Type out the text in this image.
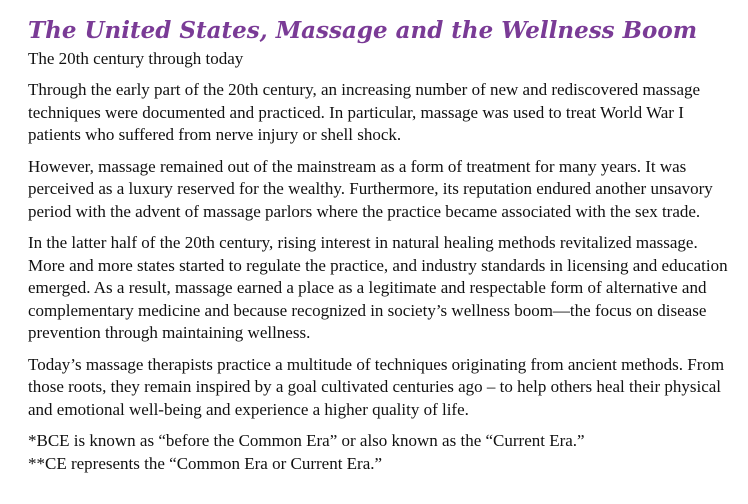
The United States, Massage and the Wellness Boom

The 20th century through today

Through the early part of the 20th century, an increasing number of new and rediscovered massage techniques were documented and practiced. In particular, massage was used to treat World War I patients who suffered from nerve injury or shell shock.

However, massage remained out of the mainstream as a form of treatment for many years. It was perceived as a luxury reserved for the wealthy. Furthermore, its reputation endured another unsavory period with the advent of massage parlors where the practice became associated with the sex trade.

In the latter half of the 20th century, rising interest in natural healing methods revitalized massage. More and more states started to regulate the practice, and industry standards in licensing and education emerged. As a result, massage earned a place as a legitimate and respectable form of alternative and complementary medicine and because recognized in society’s wellness boom—the focus on disease prevention through maintaining wellness.

Today’s massage therapists practice a multitude of techniques originating from ancient methods. From those roots, they remain inspired by a goal cultivated centuries ago – to help others heal their physical and emotional well-being and experience a higher quality of life.

*BCE is known as “before the Common Era” or also known as the “Current Era.”

**CE represents the “Common Era or Current Era.”
